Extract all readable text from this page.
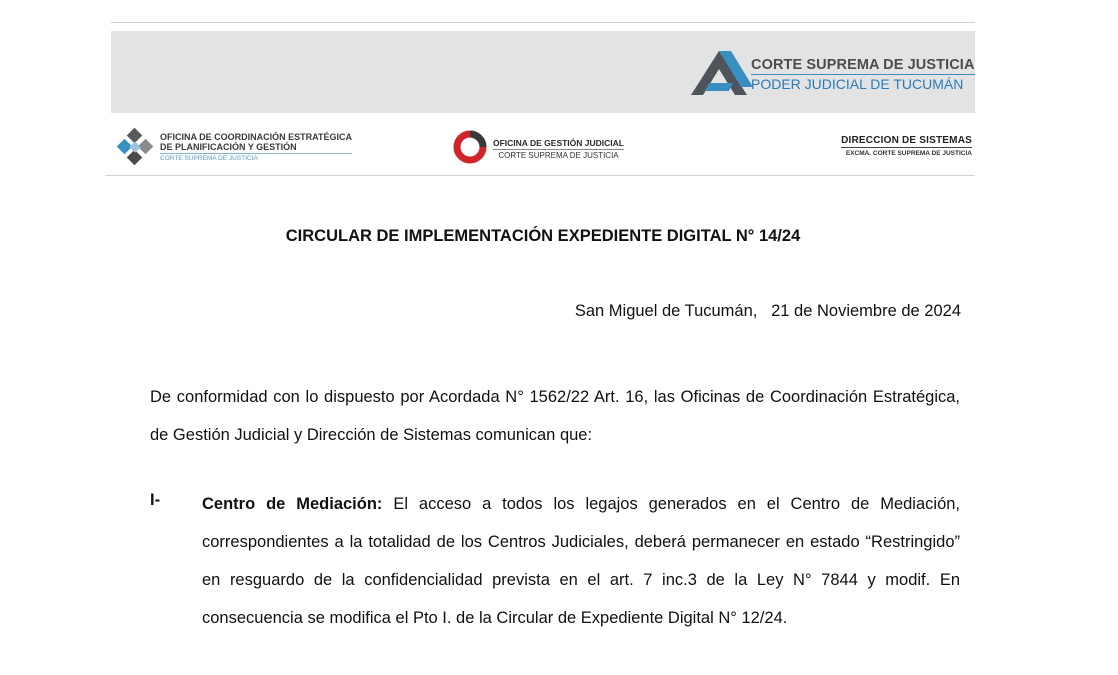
CORTE SUPREMA DE JUSTICIA
PODER JUDICIAL DE TUCUMÁN
OFICINA DE COORDINACIÓN ESTRATÉGICA
DE PLANIFICACIÓN Y GESTIÓN
CORTE SUPREMA DE JUSTICIA
OFICINA DE GESTIÓN JUDICIAL
CORTE SUPREMA DE JUSTICIA
DIRECCION DE SISTEMAS
EXCMA. CORTE SUPREMA DE JUSTICIA
CIRCULAR DE IMPLEMENTACIÓN EXPEDIENTE DIGITAL N° 14/24
San Miguel de Tucumán,   21 de Noviembre de 2024
De conformidad con lo dispuesto por Acordada N° 1562/22 Art. 16, las Oficinas de Coordinación Estratégica, de Gestión Judicial y Dirección de Sistemas comunican que:
I-	Centro de Mediación: El acceso a todos los legajos generados en el Centro de Mediación, correspondientes a la totalidad de los Centros Judiciales, deberá permanecer en estado “Restringido” en resguardo de la confidencialidad prevista en el art. 7 inc.3 de la Ley N° 7844 y modif. En consecuencia se modifica el Pto I. de la Circular de Expediente Digital N° 12/24.
